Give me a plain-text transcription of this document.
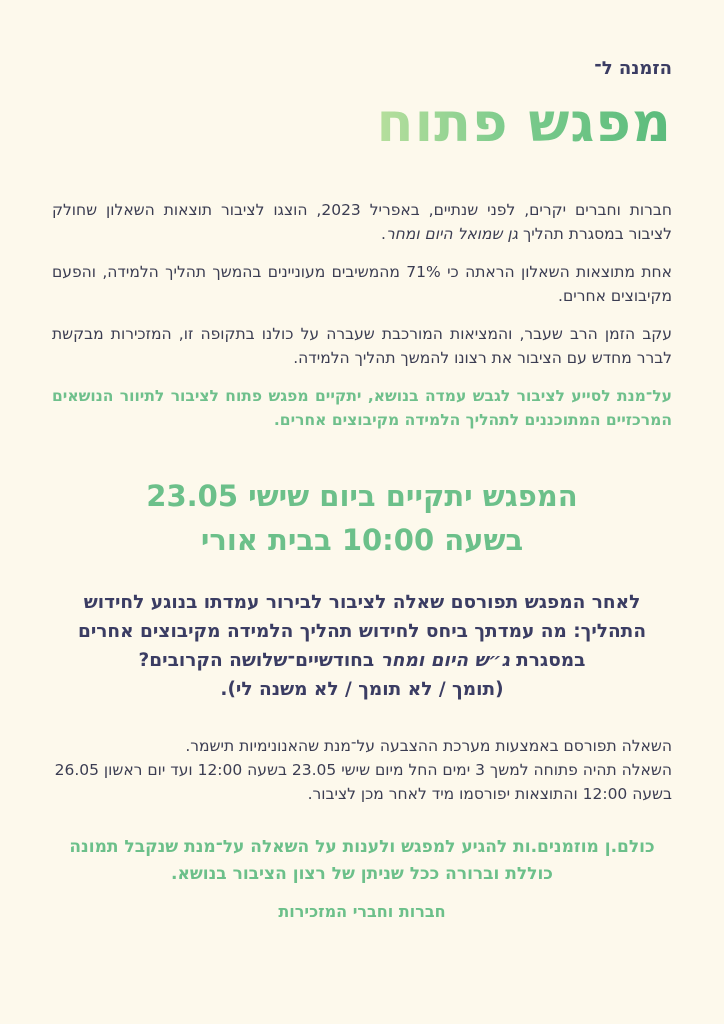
הזמנה ל־
מפגש פתוח

חברות וחברים יקרים, לפני שנתיים, באפריל 2023, הוצגו לציבור תוצאות השאלון שחולק לציבור במסגרת תהליך גן שמואל היום ומחר.

אחת מתוצאות השאלון הראתה כי 71% מהמשיבים מעוניינים בהמשך תהליך הלמידה, והפעם מקיבוצים אחרים.

עקב הזמן הרב שעבר, והמציאות המורכבת שעברה על כולנו בתקופה זו, המזכירות מבקשת לברר מחדש עם הציבור את רצונו להמשך תהליך הלמידה.

על־מנת לסייע לציבור לגבש עמדה בנושא, יתקיים מפגש פתוח לציבור לתיוור הנושאים המרכזיים המתוכננים לתהליך הלמידה מקיבוצים אחרים.

המפגש יתקיים ביום שישי 23.05
בשעה 10:00 בבית אורי

לאחר המפגש תפורסם שאלה לציבור לבירור עמדתו בנוגע לחידוש התהליך: מה עמדתך ביחס לחידוש תהליך הלמידה מקיבוצים אחרים במסגרת ג״ש היום ומחר בחודשיים־שלושה הקרובים?

(תומך / לא תומך / לא משנה לי).

השאלה תפורסם באמצעות מערכת ההצבעה על־מנת שהאנונימיות תישמר.

השאלה תהיה פתוחה למשך 3 ימים החל מיום שישי 23.05 בשעה 12:00 ועד יום ראשון 26.05 בשעה 12:00 והתוצאות יפורסמו מיד לאחר מכן לציבור.

כולם.ן מוזמנים.ות להגיע למפגש ולענות על השאלה על־מנת שנקבל תמונה כוללת וברורה ככל שניתן של רצון הציבור בנושא.

חברות וחברי המזכירות
